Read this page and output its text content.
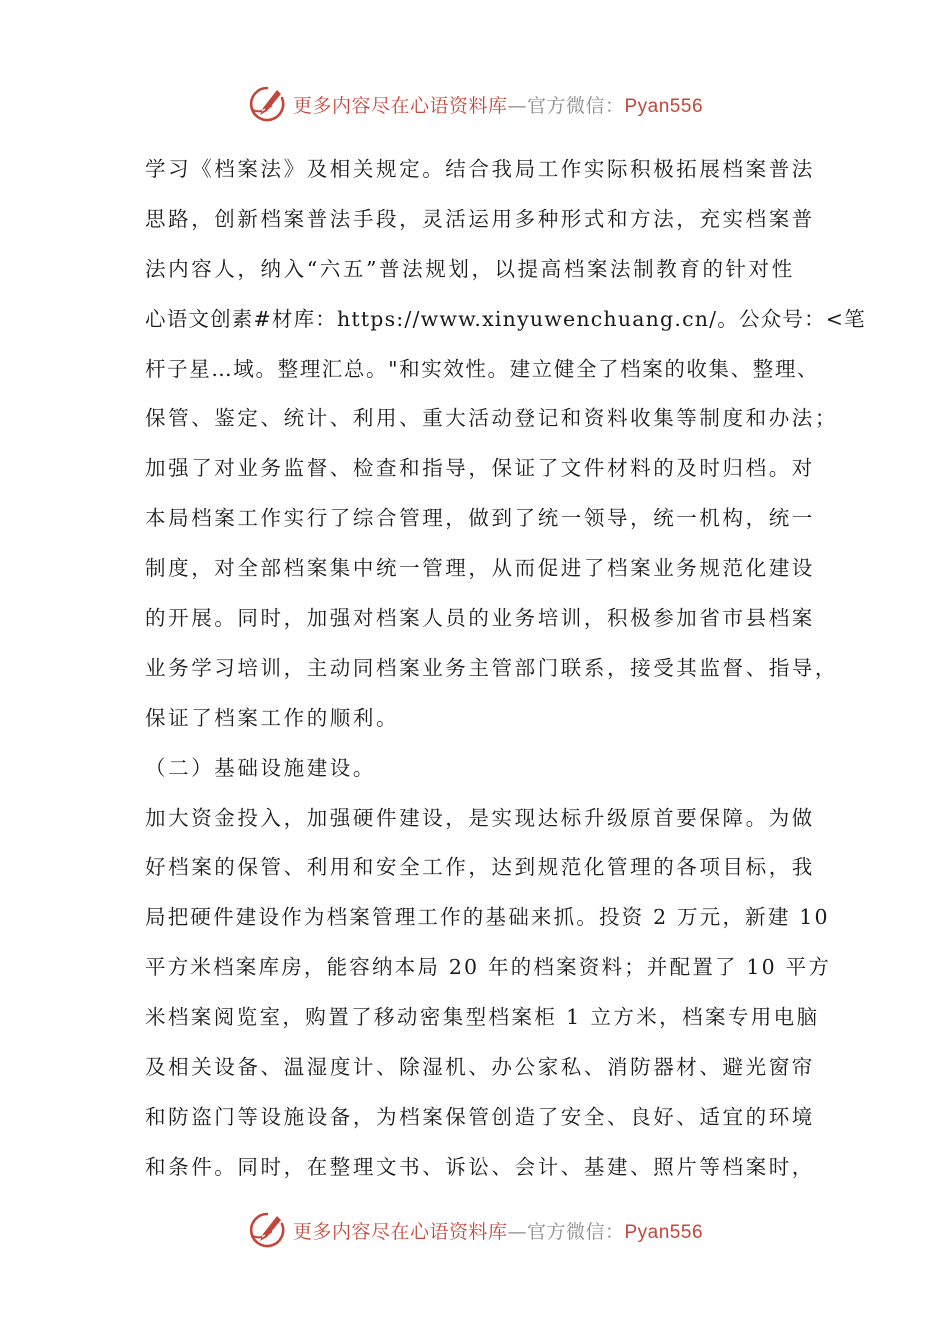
更多内容尽在心语资料库—官方微信：Pyan556
学习《档案法》及相关规定。结合我局工作实际积极拓展档案普法
思路，创新档案普法手段，灵活运用多种形式和方法，充实档案普
法内容人，纳入“六五”普法规划，以提高档案法制教育的针对性
心语文创素#材库：https://www.xinyuwenchuang.cn/。公众号：<笔
杆子星…域。整理汇总。"和实效性。建立健全了档案的收集、整理、
保管、鉴定、统计、利用、重大活动登记和资料收集等制度和办法；
加强了对业务监督、检查和指导，保证了文件材料的及时归档。对
本局档案工作实行了综合管理，做到了统一领导，统一机构，统一
制度，对全部档案集中统一管理，从而促进了档案业务规范化建设
的开展。同时，加强对档案人员的业务培训，积极参加省市县档案
业务学习培训，主动同档案业务主管部门联系，接受其监督、指导，
保证了档案工作的顺利。
（二）基础设施建设。
加大资金投入，加强硬件建设，是实现达标升级原首要保障。为做
好档案的保管、利用和安全工作，达到规范化管理的各项目标，我
局把硬件建设作为档案管理工作的基础来抓。投资 2 万元，新建 10
平方米档案库房，能容纳本局 20 年的档案资料；并配置了 10 平方
米档案阅览室，购置了移动密集型档案柜 1 立方米，档案专用电脑
及相关设备、温湿度计、除湿机、办公家私、消防器材、避光窗帘
和防盗门等设施设备，为档案保管创造了安全、良好、适宜的环境
和条件。同时，在整理文书、诉讼、会计、基建、照片等档案时，
更多内容尽在心语资料库—官方微信：Pyan556
